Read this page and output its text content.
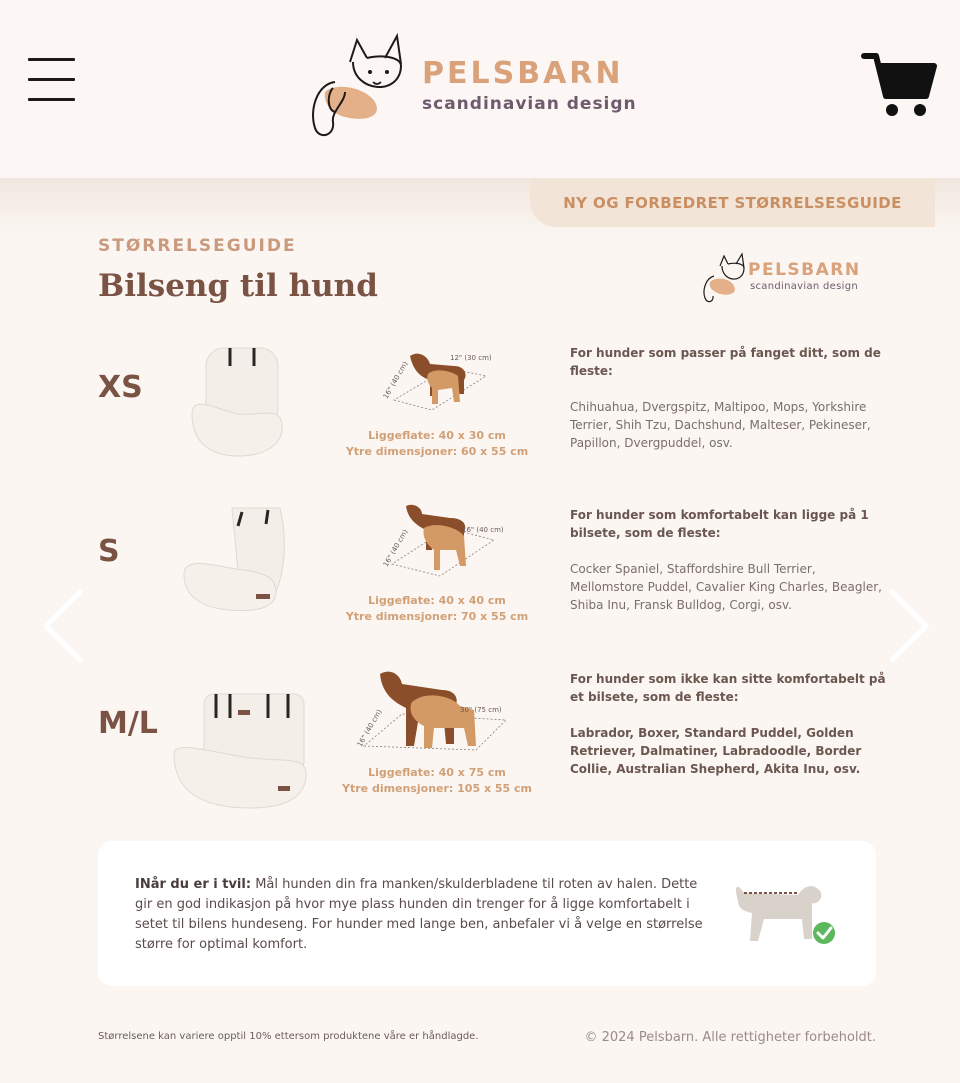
PELSBARN
scandinavian design
NY OG FORBEDRET STØRRELSESGUIDE
STØRRELSEGUIDE
Bilseng til hund	PELSBARN
scandinavian design
XS
12" (30 cm)
16" (40 cm)
Liggeflate: 40 x 30 cm
Ytre dimensjoner: 60 x 55 cm
For hunder som passer på fanget ditt, som de fleste:
Chihuahua, Dvergspitz, Maltipoo, Mops, Yorkshire Terrier, Shih Tzu, Dachshund, Malteser, Pekineser, Papillon, Dvergpuddel, osv.
S
16" (40 cm)
16" (40 cm)
Liggeflate: 40 x 40 cm
Ytre dimensjoner: 70 x 55 cm
For hunder som komfortabelt kan ligge på 1 bilsete, som de fleste:
Cocker Spaniel, Staffordshire Bull Terrier, Mellomstore Puddel, Cavalier King Charles, Beagler, Shiba Inu, Fransk Bulldog, Corgi, osv.
M/L	30" (75 cm)
16" (40 cm)
Liggeflate: 40 x 75 cm
Ytre dimensjoner: 105 x 55 cm
For hunder som ikke kan sitte komfortabelt på et bilsete, som de fleste:
Labrador, Boxer, Standard Puddel, Golden Retriever, Dalmatiner, Labradoodle, Border Collie, Australian Shepherd, Akita Inu, osv.
INår du er i tvil: Mål hunden din fra manken/skulderbladene til roten av halen. Dette gir en god indikasjon på hvor mye plass hunden din trenger for å ligge komfortabelt i setet til bilens hundeseng. For hunder med lange ben, anbefaler vi å velge en størrelse større for optimal komfort.
Størrelsene kan variere opptil 10% ettersom produktene våre er håndlagde.	© 2024 Pelsbarn. Alle rettigheter forbeholdt.
